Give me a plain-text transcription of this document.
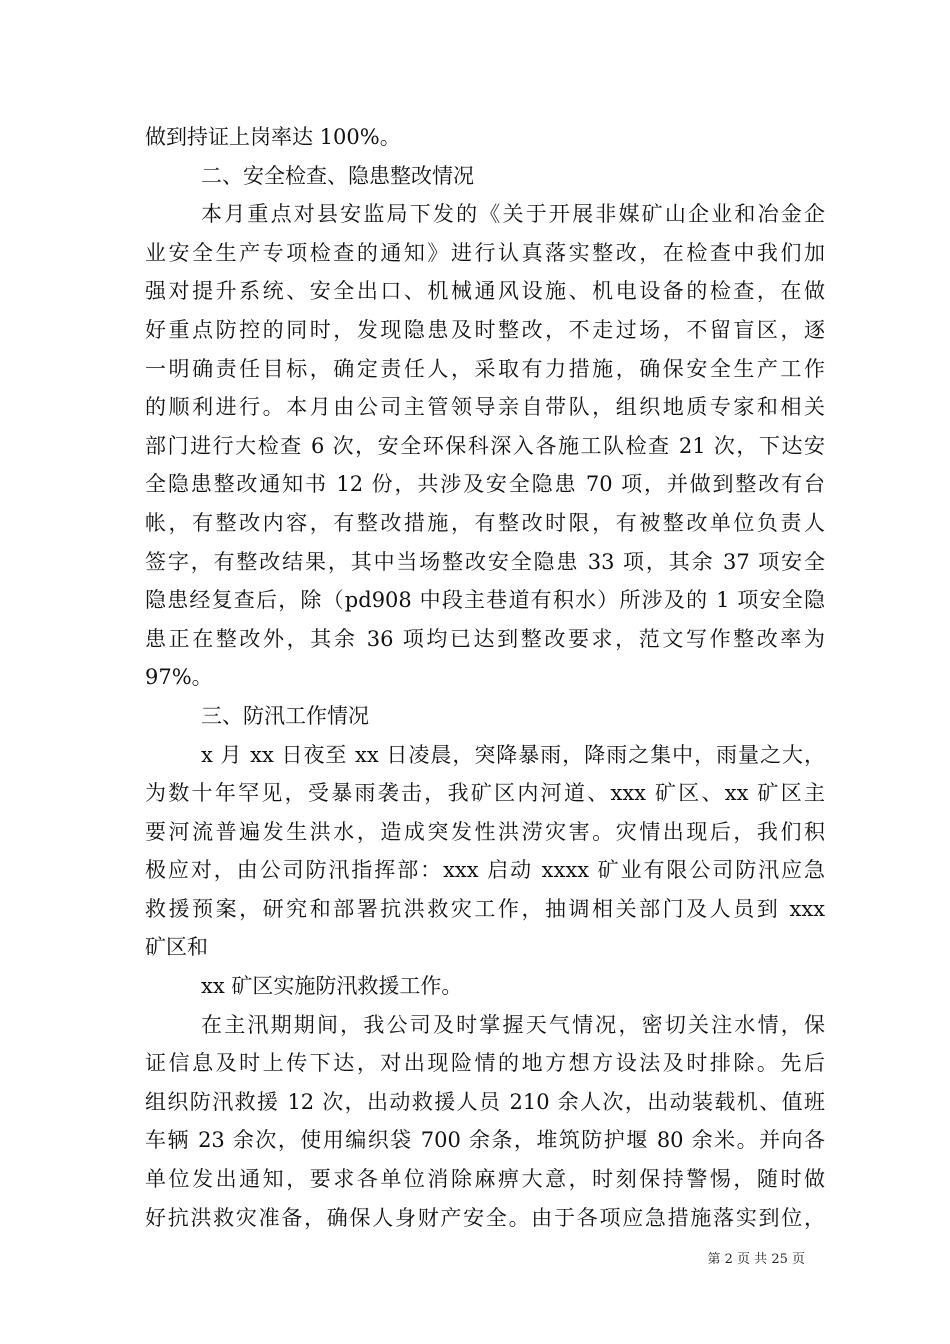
做到持证上岗率达 100%。
二、安全检查、隐患整改情况
本月重点对县安监局下发的《关于开展非媒矿山企业和冶金企
业安全生产专项检查的通知》进行认真落实整改，在检查中我们加
强对提升系统、安全出口、机械通风设施、机电设备的检查，在做
好重点防控的同时，发现隐患及时整改，不走过场，不留盲区，逐
一明确责任目标，确定责任人，采取有力措施，确保安全生产工作
的顺利进行。本月由公司主管领导亲自带队，组织地质专家和相关
部门进行大检查 6 次，安全环保科深入各施工队检查 21 次，下达安
全隐患整改通知书 12 份，共涉及安全隐患 70 项，并做到整改有台
帐，有整改内容，有整改措施，有整改时限，有被整改单位负责人
签字，有整改结果，其中当场整改安全隐患 33 项，其余 37 项安全
隐患经复查后，除（pd908 中段主巷道有积水）所涉及的 1 项安全隐
患正在整改外，其余 36 项均已达到整改要求，范文写作整改率为
97%。
三、防汛工作情况
x 月 xx 日夜至 xx 日凌晨，突降暴雨，降雨之集中，雨量之大，
为数十年罕见，受暴雨袭击，我矿区内河道、xxx 矿区、xx 矿区主
要河流普遍发生洪水，造成突发性洪涝灾害。灾情出现后，我们积
极应对，由公司防汛指挥部：xxx 启动 xxxx 矿业有限公司防汛应急
救援预案，研究和部署抗洪救灾工作，抽调相关部门及人员到 xxx
矿区和
xx 矿区实施防汛救援工作。
在主汛期期间，我公司及时掌握天气情况，密切关注水情，保
证信息及时上传下达，对出现险情的地方想方设法及时排除。先后
组织防汛救援 12 次，出动救援人员 210 余人次，出动装载机、值班
车辆 23 余次，使用编织袋 700 余条，堆筑防护堰 80 余米。并向各
单位发出通知，要求各单位消除麻痹大意，时刻保持警惕，随时做
好抗洪救灾准备，确保人身财产安全。由于各项应急措施落实到位，
第 2 页 共 25 页
